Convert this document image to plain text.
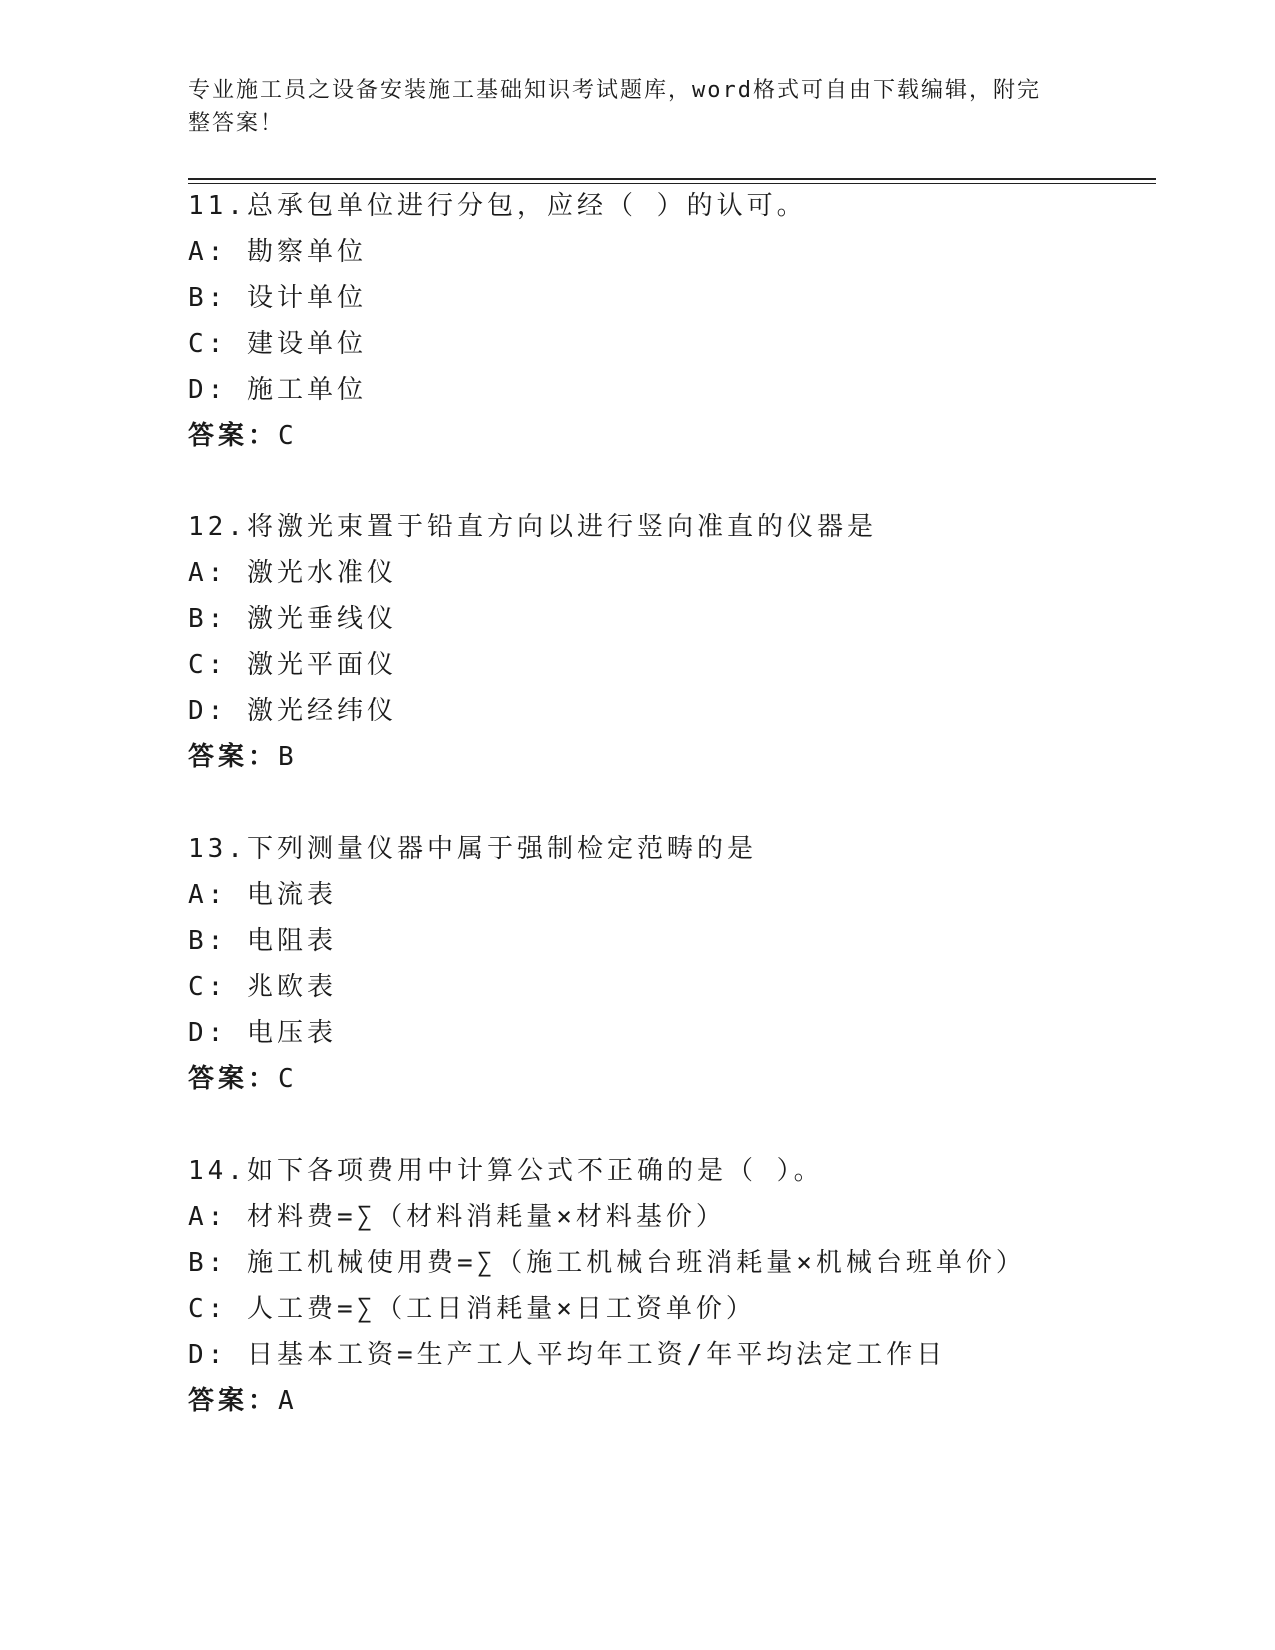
专业施工员之设备安装施工基础知识考试题库，word格式可自由下载编辑，附完
整答案！
11.总承包单位进行分包，应经（ ）的认可。
A: 勘察单位
B: 设计单位
C: 建设单位
D: 施工单位
答案：C
12.将激光束置于铅直方向以进行竖向准直的仪器是
A: 激光水准仪
B: 激光垂线仪
C: 激光平面仪
D: 激光经纬仪
答案：B
13.下列测量仪器中属于强制检定范畴的是
A: 电流表
B: 电阻表
C: 兆欧表
D: 电压表
答案：C
14.如下各项费用中计算公式不正确的是（ ）。
A: 材料费=∑（材料消耗量×材料基价）
B: 施工机械使用费=∑（施工机械台班消耗量×机械台班单价）
C: 人工费=∑（工日消耗量×日工资单价）
D: 日基本工资=生产工人平均年工资/年平均法定工作日
答案：A
